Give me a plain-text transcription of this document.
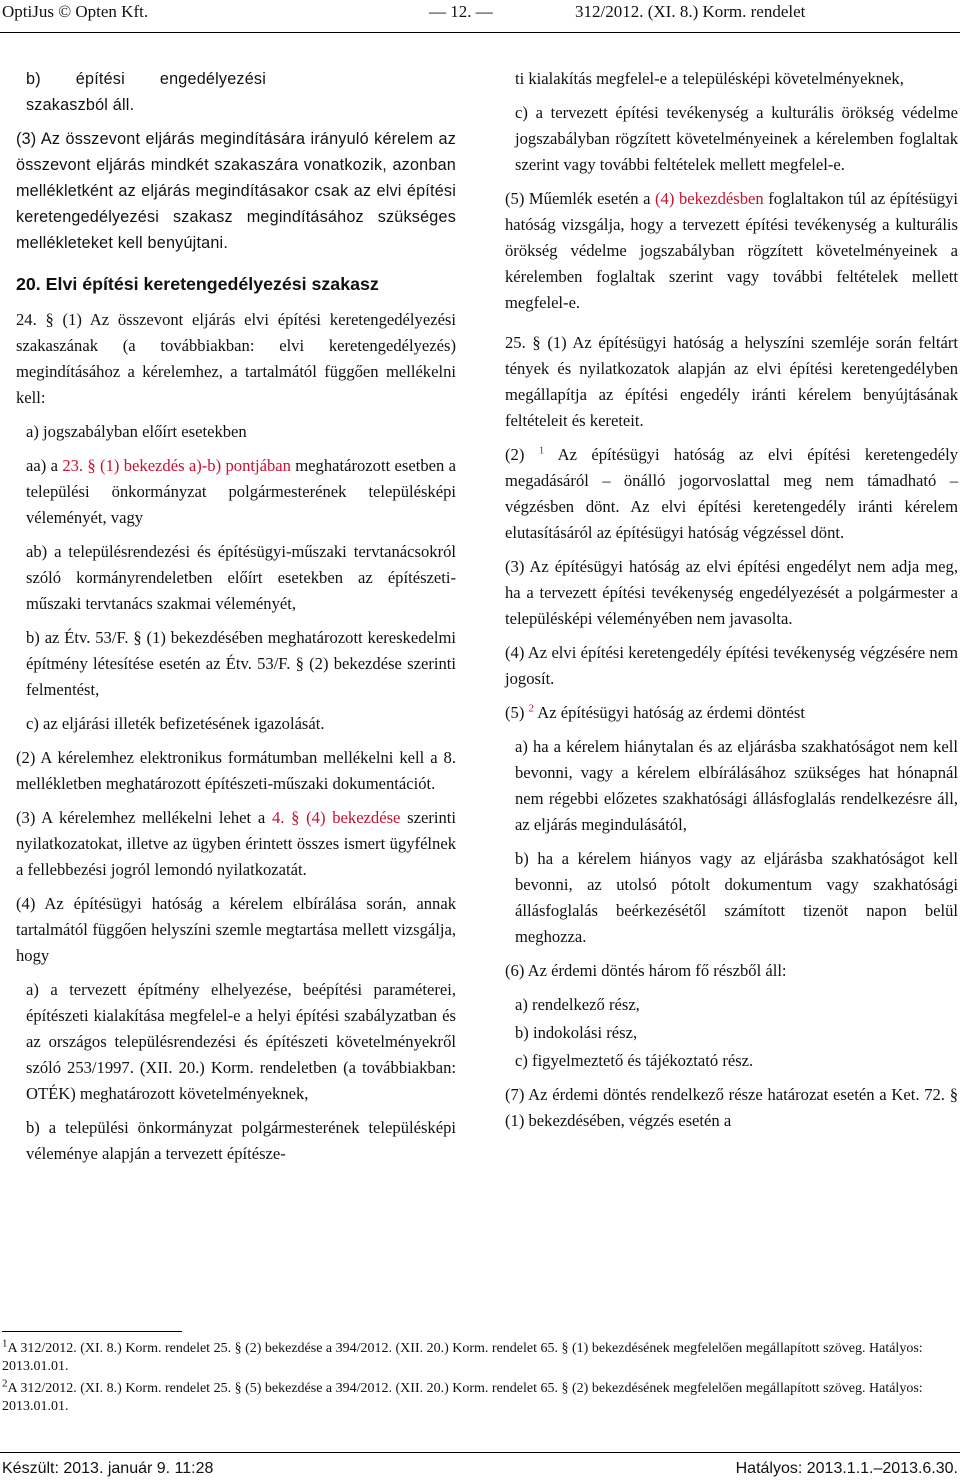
OptiJus © Opten Kft.	— 12. —	312/2012. (XI. 8.) Korm. rendelet

b) építési engedélyezési szakaszból áll.

(3) Az összevont eljárás megindítására irányuló kérelem az összevont eljárás mindkét szakaszára vonatkozik, azonban mellékletként az eljárás megindításakor csak az elvi építési keretengedélyezési szakasz megindításához szükséges mellékleteket kell benyújtani.

20. Elvi építési keretengedélyezési szakasz

24. § (1) Az összevont eljárás elvi építési keretengedélyezési szakaszának (a továbbiakban: elvi keretengedélyezés) megindításához a kérelemhez, a tartalmától függően mellékelni kell:

a) jogszabályban előírt esetekben

aa) a 23. § (1) bekezdés a)-b) pontjában meghatározott esetben a települési önkormányzat polgármesterének településképi véleményét, vagy

ab) a településrendezési és építésügyi-műszaki tervtanácsokról szóló kormányrendeletben előírt esetekben az építészeti-műszaki tervtanács szakmai véleményét,

b) az Étv. 53/F. § (1) bekezdésében meghatározott kereskedelmi építmény létesítése esetén az Étv. 53/F. § (2) bekezdése szerinti felmentést,

c) az eljárási illeték befizetésének igazolását.

(2) A kérelemhez elektronikus formátumban mellékelni kell a 8. mellékletben meghatározott építészeti-műszaki dokumentációt.

(3) A kérelemhez mellékelni lehet a 4. § (4) bekezdése szerinti nyilatkozatokat, illetve az ügyben érintett összes ismert ügyfélnek a fellebbezési jogról lemondó nyilatkozatát.

(4) Az építésügyi hatóság a kérelem elbírálása során, annak tartalmától függően helyszíni szemle megtartása mellett vizsgálja, hogy

a) a tervezett építmény elhelyezése, beépítési paraméterei, építészeti kialakítása megfelel-e a helyi építési szabályzatban és az országos településrendezési és építészeti követelményekről szóló 253/1997. (XII. 20.) Korm. rendeletben (a továbbiakban: OTÉK) meghatározott követelményeknek,

b) a települési önkormányzat polgármesterének településképi véleménye alapján a tervezett építésze-

ti kialakítás megfelel-e a településképi követelményeknek,

c) a tervezett építési tevékenység a kulturális örökség védelme jogszabályban rögzített követelményeinek a kérelemben foglaltak szerint vagy további feltételek mellett megfelel-e.

(5) Műemlék esetén a (4) bekezdésben foglaltakon túl az építésügyi hatóság vizsgálja, hogy a tervezett építési tevékenység a kulturális örökség védelme jogszabályban rögzített követelményeinek a kérelemben foglaltak szerint vagy további feltételek mellett megfelel-e.

25. § (1) Az építésügyi hatóság a helyszíni szemléje során feltárt tények és nyilatkozatok alapján az elvi építési keretengedélyben megállapítja az építési engedély iránti kérelem benyújtásának feltételeit és kereteit.

(2) $^1$ Az építésügyi hatóság az elvi építési keretengedély megadásáról – önálló jogorvoslattal meg nem támadható – végzésben dönt. Az elvi építési keretengedély iránti kérelem elutasításáról az építésügyi hatóság végzéssel dönt.

(3) Az építésügyi hatóság az elvi építési engedélyt nem adja meg, ha a tervezett építési tevékenység engedélyezését a polgármester a településképi véleményében nem javasolta.

(4) Az elvi építési keretengedély építési tevékenység végzésére nem jogosít.

(5) $^2$ Az építésügyi hatóság az érdemi döntést

a) ha a kérelem hiánytalan és az eljárásba szakhatóságot nem kell bevonni, vagy a kérelem elbírálásához szükséges hat hónapnál nem régebbi előzetes szakhatósági állásfoglalás rendelkezésre áll, az eljárás megindulásától,

b) ha a kérelem hiányos vagy az eljárásba szakhatóságot kell bevonni, az utolsó pótolt dokumentum vagy szakhatósági állásfoglalás beérkezésétől számított tizenöt napon belül meghozza.

(6) Az érdemi döntés három fő részből áll:

a) rendelkező rész,

b) indokolási rész,

c) figyelmeztető és tájékoztató rész.

(7) Az érdemi döntés rendelkező része határozat esetén a Ket. 72. § (1) bekezdésében, végzés esetén a

$^1$A 312/2012. (XI. 8.) Korm. rendelet 25. § (2) bekezdése a 394/2012. (XII. 20.) Korm. rendelet 65. § (1) bekezdésének megfelelően megállapított szöveg. Hatályos: 2013.01.01.
$^2$A 312/2012. (XI. 8.) Korm. rendelet 25. § (5) bekezdése a 394/2012. (XII. 20.) Korm. rendelet 65. § (2) bekezdésének megfelelően megállapított szöveg. Hatályos: 2013.01.01.
Készült: 2013. január 9. 11:28	Hatályos: 2013.1.1.–2013.6.30.
